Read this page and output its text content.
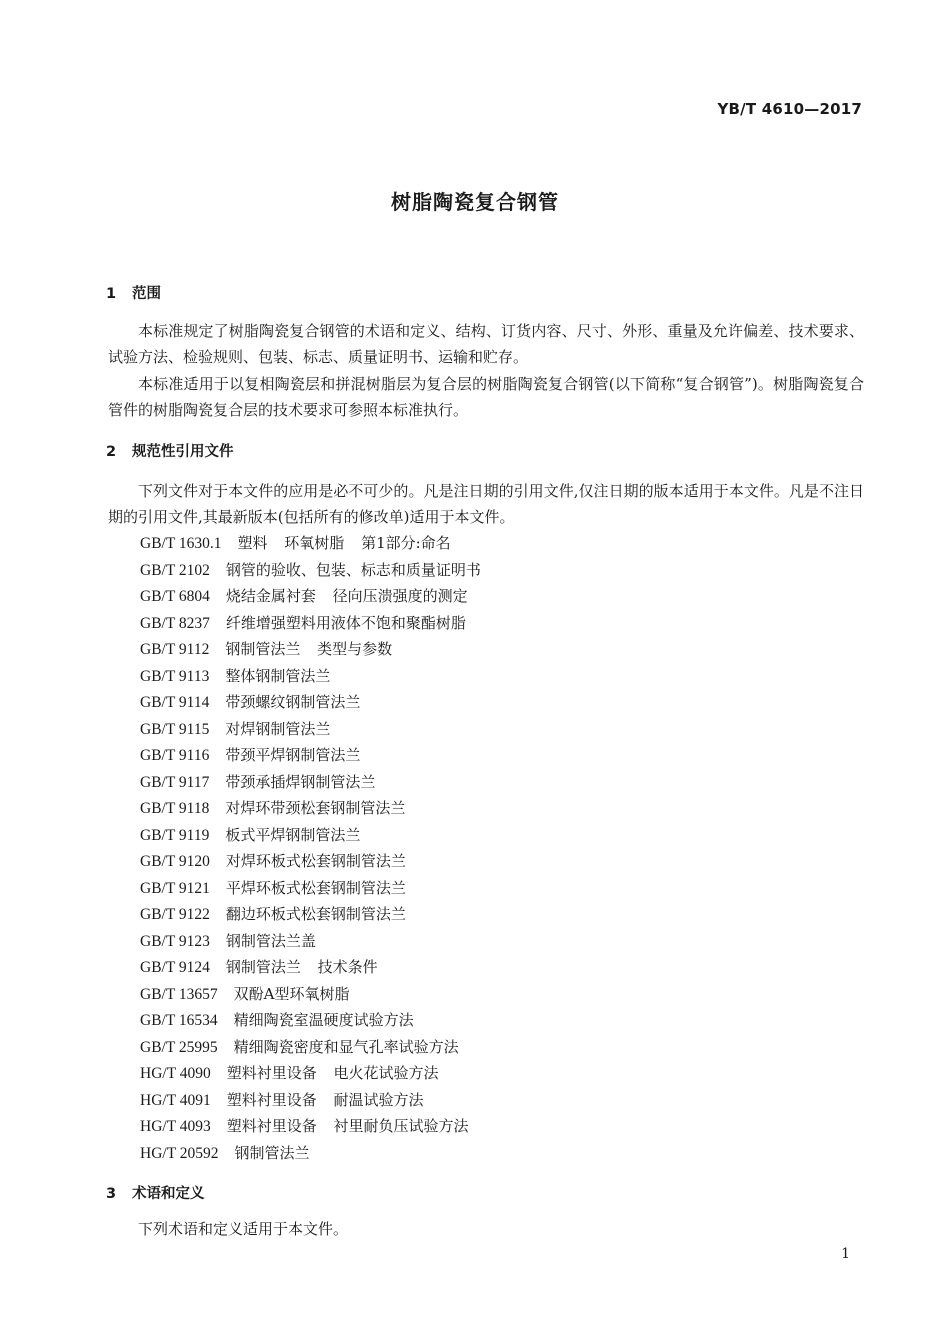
YB/T 4610—2017
树脂陶瓷复合钢管
1 范围
本标准规定了树脂陶瓷复合钢管的术语和定义、结构、订货内容、尺寸、外形、重量及允许偏差、技术要求、试验方法、检验规则、包装、标志、质量证明书、运输和贮存。
本标准适用于以复相陶瓷层和拼混树脂层为复合层的树脂陶瓷复合钢管(以下简称“复合钢管”)。树脂陶瓷复合管件的树脂陶瓷复合层的技术要求可参照本标准执行。
2 规范性引用文件
下列文件对于本文件的应用是必不可少的。凡是注日期的引用文件,仅注日期的版本适用于本文件。凡是不注日期的引用文件,其最新版本(包括所有的修改单)适用于本文件。
GB/T 1630.1 塑料 环氧树脂 第1部分:命名
GB/T 2102 钢管的验收、包装、标志和质量证明书
GB/T 6804 烧结金属衬套 径向压溃强度的测定
GB/T 8237 纤维增强塑料用液体不饱和聚酯树脂
GB/T 9112 钢制管法兰 类型与参数
GB/T 9113 整体钢制管法兰
GB/T 9114 带颈螺纹钢制管法兰
GB/T 9115 对焊钢制管法兰
GB/T 9116 带颈平焊钢制管法兰
GB/T 9117 带颈承插焊钢制管法兰
GB/T 9118 对焊环带颈松套钢制管法兰
GB/T 9119 板式平焊钢制管法兰
GB/T 9120 对焊环板式松套钢制管法兰
GB/T 9121 平焊环板式松套钢制管法兰
GB/T 9122 翻边环板式松套钢制管法兰
GB/T 9123 钢制管法兰盖
GB/T 9124 钢制管法兰 技术条件
GB/T 13657 双酚A型环氧树脂
GB/T 16534 精细陶瓷室温硬度试验方法
GB/T 25995 精细陶瓷密度和显气孔率试验方法
HG/T 4090 塑料衬里设备 电火花试验方法
HG/T 4091 塑料衬里设备 耐温试验方法
HG/T 4093 塑料衬里设备 衬里耐负压试验方法
HG/T 20592 钢制管法兰
3 术语和定义
下列术语和定义适用于本文件。
1
